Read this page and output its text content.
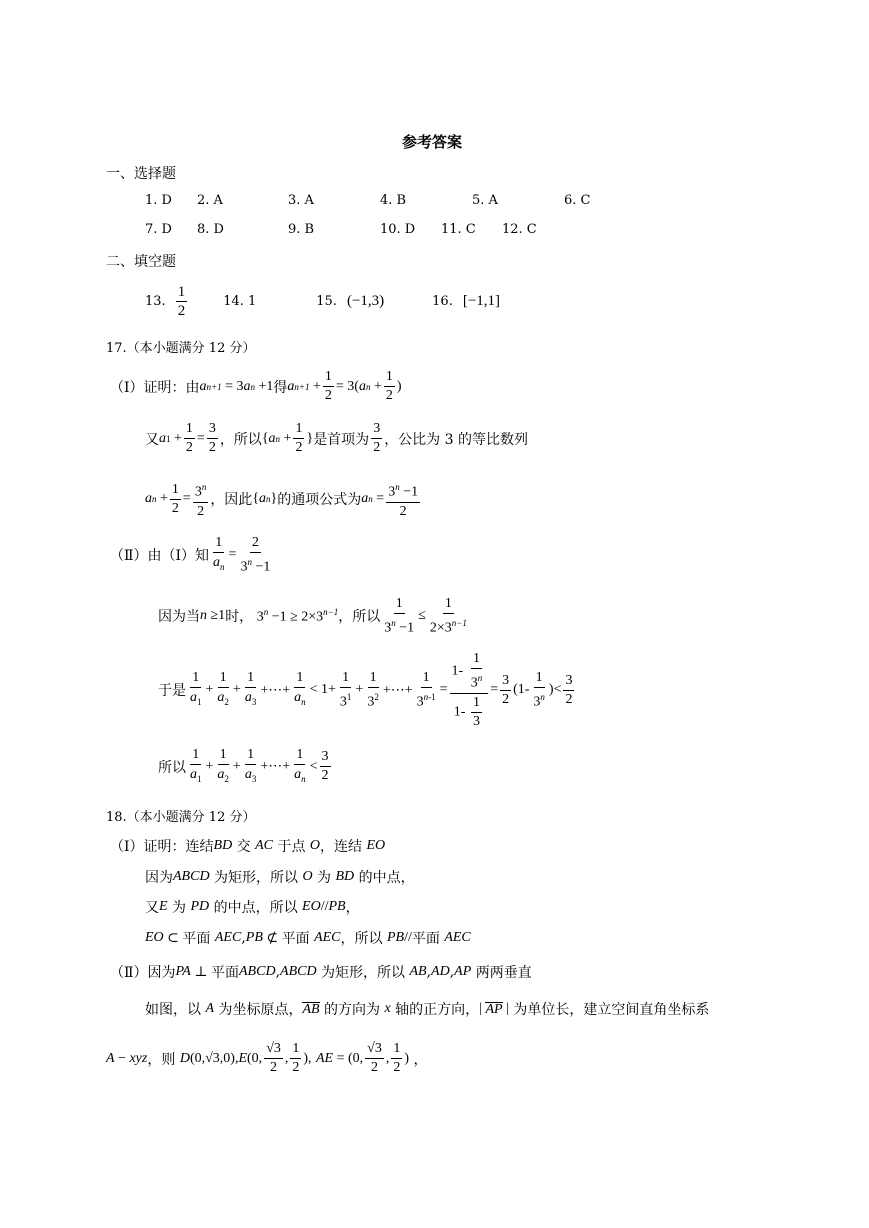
参考答案
一、选择题
1. D 2. A	3. A	4. B	5. A	6. C
7. D 8. D	9. B	10. D 11. C 12. C
二、填空题
13. $\frac{1}{2}$	14. 1	15. (−1,3)	16. [−1,1]
17.（本小题满分 12 分）
（Ⅰ）证明：由 a n+1 = 3 a n +1 得 a $n+1 + \frac{1}{2} = 3$( a $n + \frac{1}{2}$ )
又 a $1 + \frac{1}{2} = \frac{3}{2}$ ，所以 { a $n + \frac{1}{2}$ } 是首项为 $\frac{3}{2}$ ，公比为 3 的等比数列
a $n + \frac{1}{2} = \frac{3^n}{2}$ ，因此 { a n } 的通项公式为 a $n = \frac{3^n -1}{2}$
（Ⅱ）由（Ⅰ）知 $\frac{1}{a_n} = \frac{2}{3^n -1}$
因为当 n ≥1 时， $3^n -1 \ge 2\times 3^{n-1}$ ，所以 $\frac{1}{3^n -1} \le \frac{1}{2\times 3^{n-1}}$
于是 $\frac{1}{a_1} + \frac{1}{a_2} + \frac{1}{a_3}$ +⋯+ $\frac{1}{a_n} < 1+ \frac{1}{3^1} + \frac{1}{3^2}$ +⋯+ $\frac{1}{3^{n-1}} = \frac{1- \frac{1}{3^n}}{1- \frac{1}{3}} = \frac{3}{2} (1- \frac{1}{3^n}$ )< $\frac{3}{2}$
所以 $\frac{1}{a_1} + \frac{1}{a_2} + \frac{1}{a_3}$ +⋯+ $\frac{1}{a_n} < \frac{3}{2}$
18.（本小题满分 12 分）
（Ⅰ）证明：连结 BD 交 AC 于点 O ，连结 EO
因为 ABCD 为矩形，所以 O 为 BD 的中点，
又 E 为 PD 的中点，所以 EO // PB ，
EO ⊂ 平面 AEC , PB ⊄ 平面 AEC ，所以 PB // 平面 AEC
（Ⅱ）因为 PA ⊥ 平面 ABCD , ABCD 为矩形，所以 AB , AD , AP 两两垂直
如图，以
A
为坐标原点， AB
的方向为
x
轴的正方向， | AP |
为单位长，建立空间直角坐标系
A − xyz ，则
D (0,√3,0), E (0, $\frac{√3}{2}$ , $\frac{1}{2}$ ),
AE = (0, $\frac{√3}{2}$ , $\frac{1}{2}$ ) ，
